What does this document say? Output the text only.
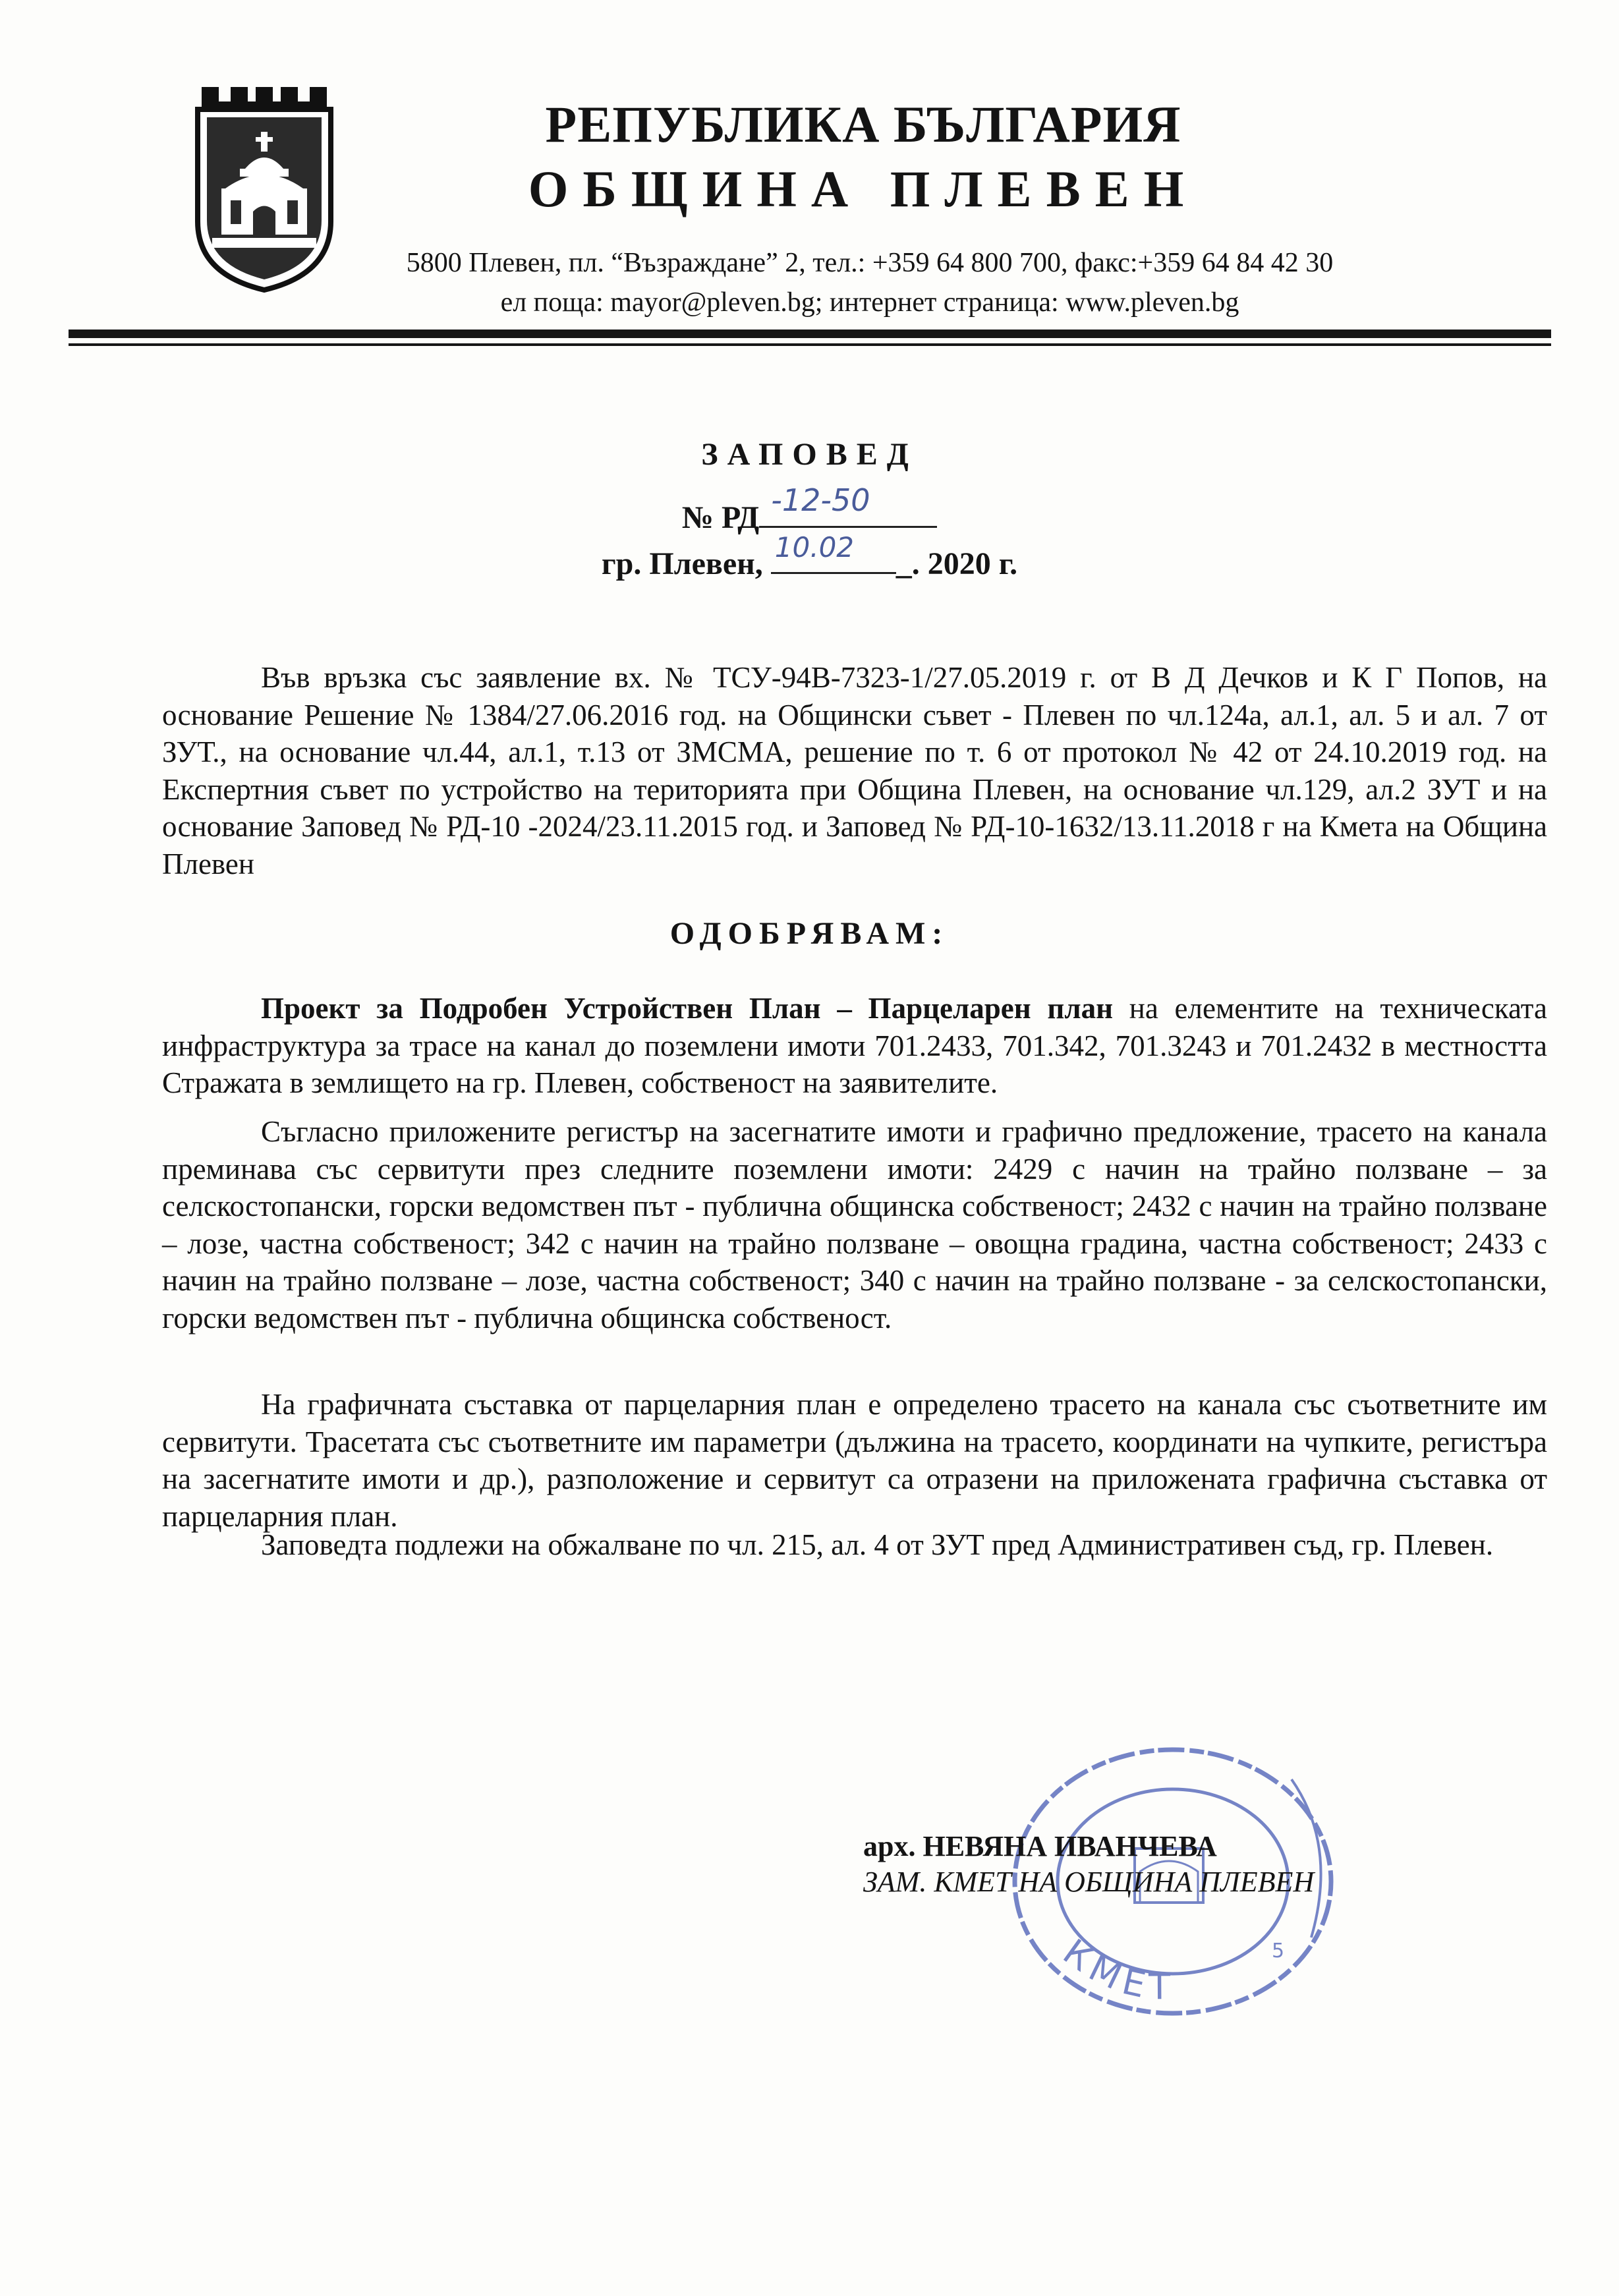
РЕПУБЛИКА БЪЛГАРИЯ
ОБЩИНА ПЛЕВЕН
5800 Плевен, пл. “Възраждане” 2, тел.: +359 64 800 700, факс:+359 64 84 42 30
ел поща: mayor@pleven.bg; интернет страница: www.pleven.bg
ЗАПОВЕД
№ РД -12-50
гр. Плевен, 10.02 _. 2020 г.
Във връзка със заявление вх. № ТСУ-94В-7323-1/27.05.2019 г. от В Д Дечков и К Г Попов, на основание Решение № 1384/27.06.2016 год. на Общински съвет - Плевен по чл.124а, ал.1, ал. 5 и ал. 7 от ЗУТ., на основание чл.44, ал.1, т.13 от ЗМСМА, решение по т. 6 от протокол № 42 от 24.10.2019 год. на Експертния съвет по устройство на територията при Община Плевен, на основание чл.129, ал.2 ЗУТ и на основание Заповед № РД-10 -2024/23.11.2015 год. и Заповед № РД-10-1632/13.11.2018 г на Кмета на Община Плевен
ОДОБРЯВАМ:
Проект за Подробен Устройствен План – Парцеларен план на елементите на техническата инфраструктура за трасе на канал до поземлени имоти 701.2433, 701.342, 701.3243 и 701.2432 в местността Стражата в землището на гр. Плевен, собственост на заявителите.
Съгласно приложените регистър на засегнатите имоти и графично предложение, трасето на канала преминава със сервитути през следните поземлени имоти: 2429 с начин на трайно ползване – за селскостопански, горски ведомствен път - публична общинска собственост; 2432 с начин на трайно ползване – лозе, частна собственост; 342 с начин на трайно ползване – овощна градина, частна собственост; 2433 с начин на трайно ползване – лозе, частна собственост; 340 с начин на трайно ползване - за селскостопански, горски ведомствен път - публична общинска собственост.
На графичната съставка от парцеларния план е определено трасето на канала със съответните им сервитути. Трасетата със съответните им параметри (дължина на трасето, координати на чупките, регистъра на засегнатите имоти и др.), разположение и сервитут са отразени на приложената графична съставка от парцеларния план.
Заповедта подлежи на обжалване по чл. 215, ал. 4 от ЗУТ пред Административен съд, гр. Плевен.
КМЕТ
5
арх. НЕВЯНА ИВАНЧЕВА
ЗАМ. КМЕТ НА ОБЩИНА ПЛЕВЕН
